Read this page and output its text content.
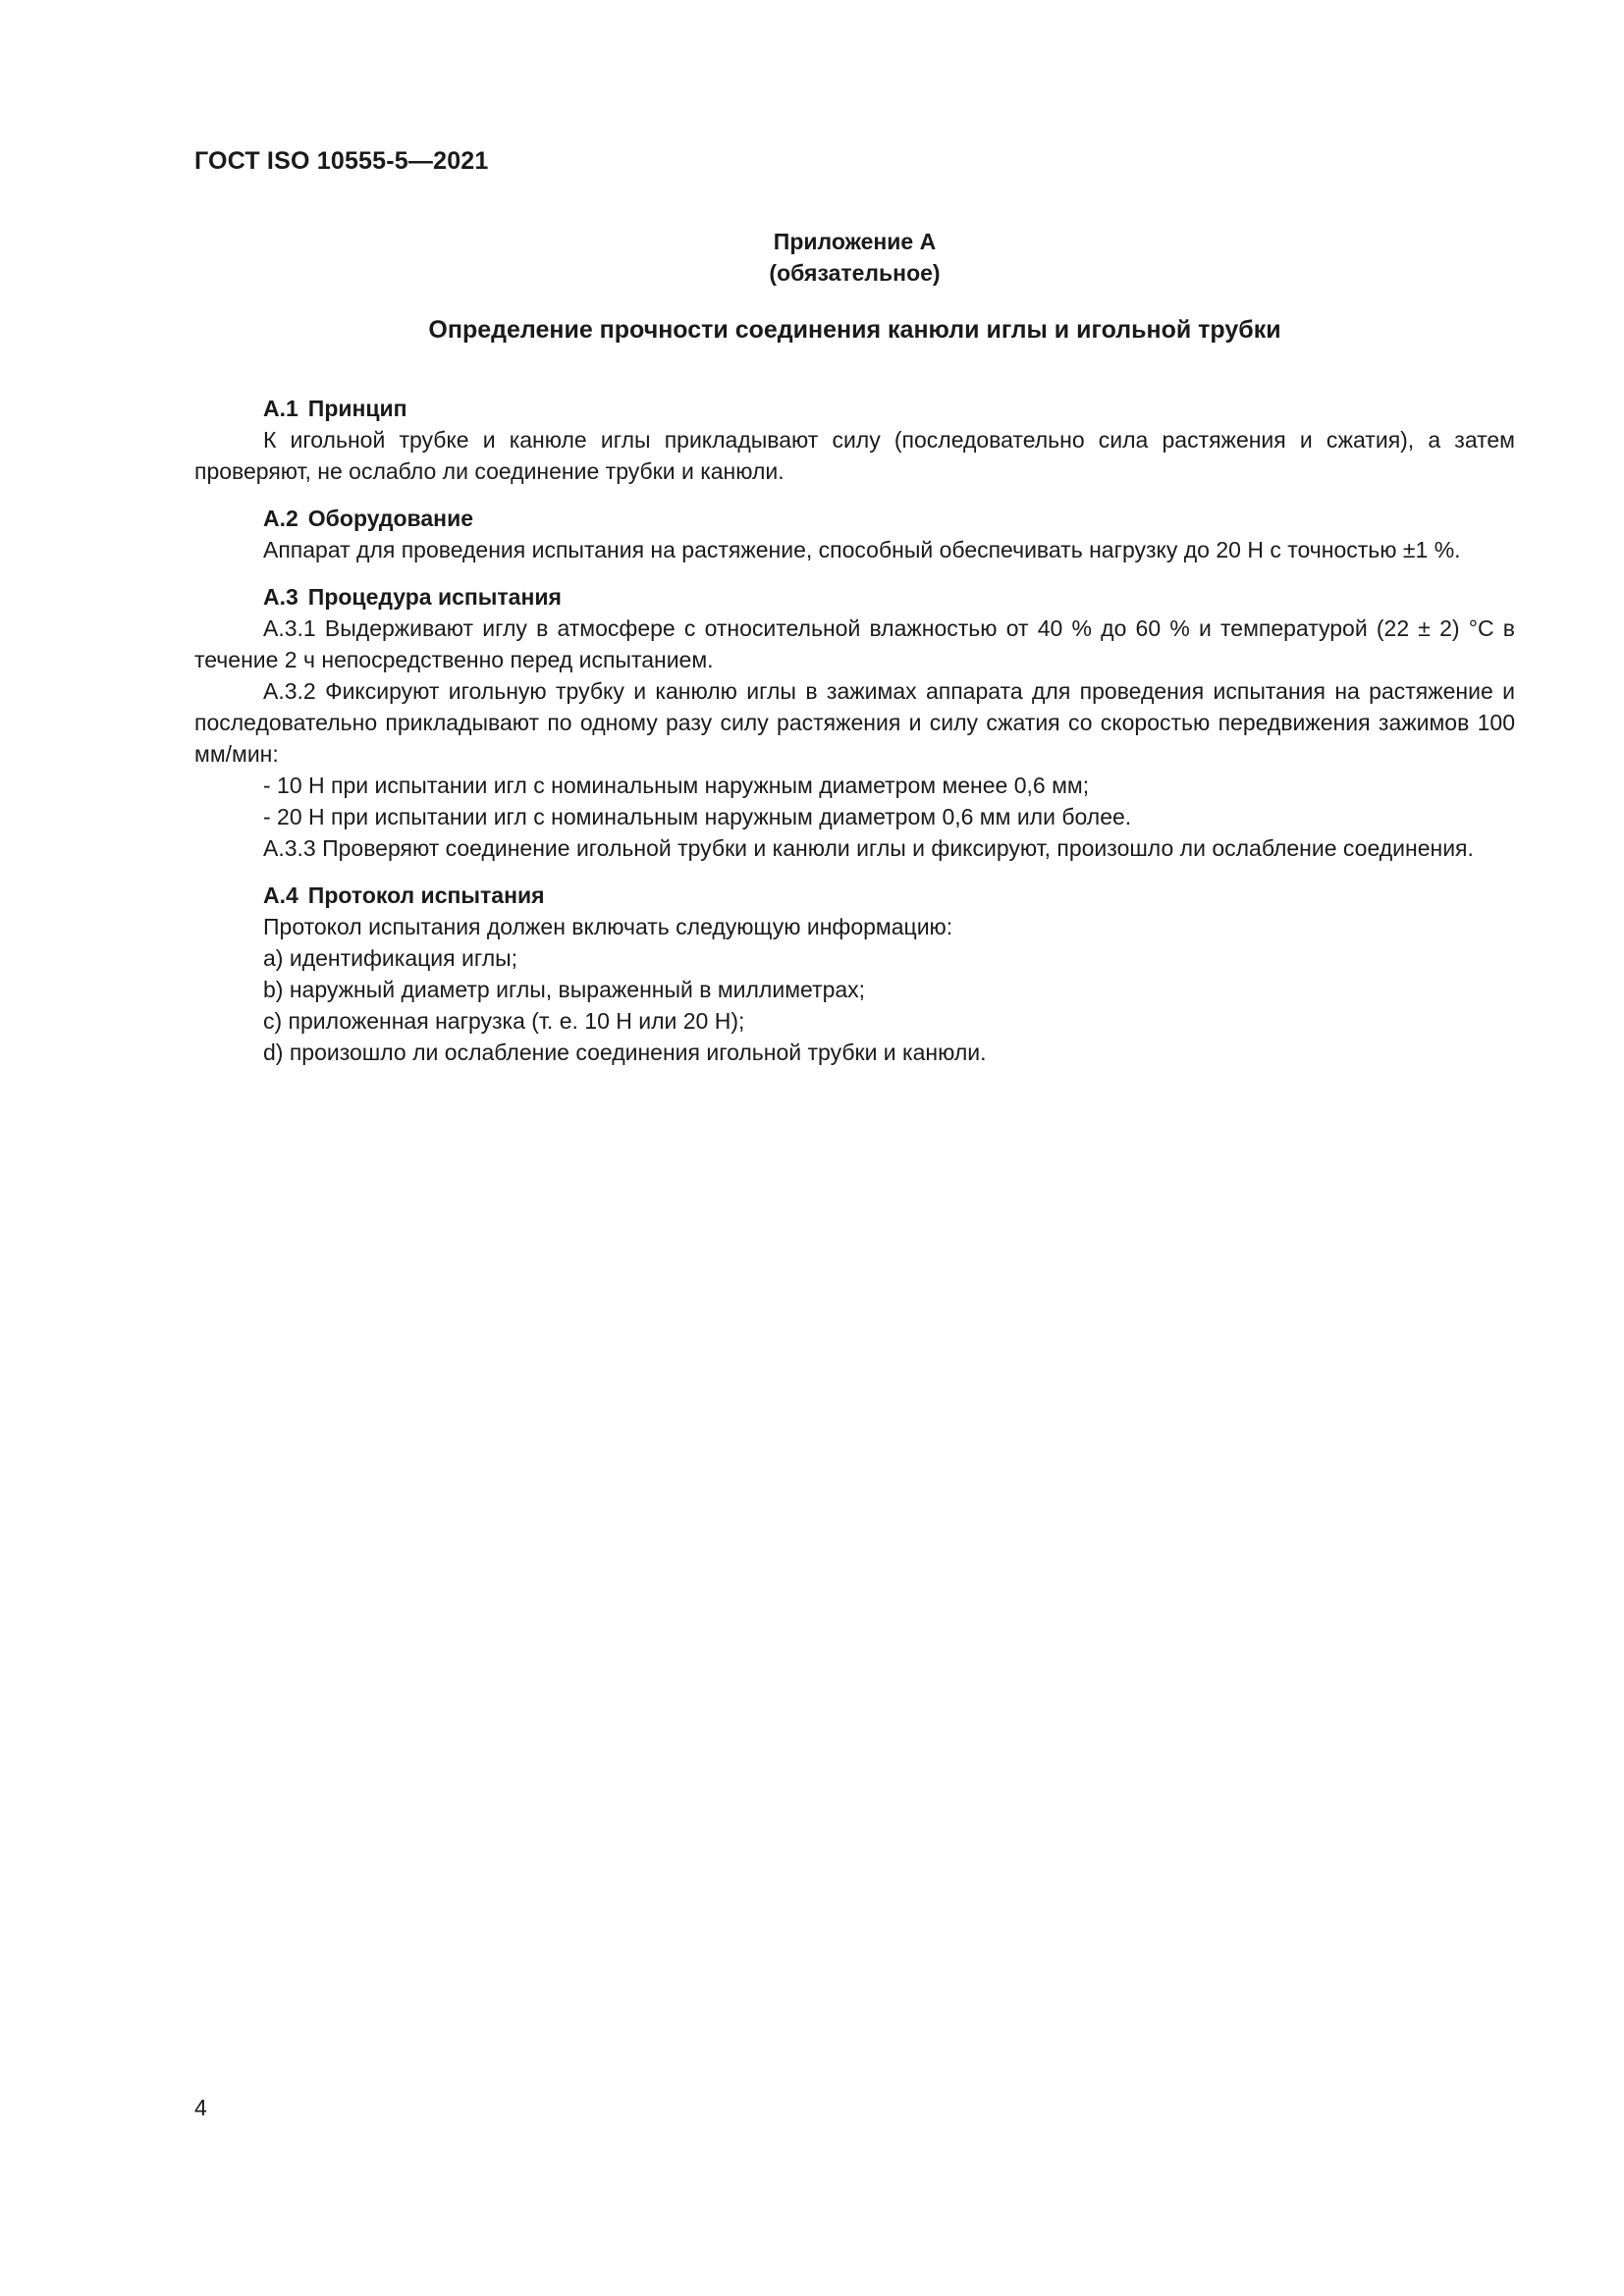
ГОСТ ISO 10555-5—2021
Приложение А
(обязательное)
Определение прочности соединения канюли иглы и игольной трубки

А.1 Принцип

К игольной трубке и канюле иглы прикладывают силу (последовательно сила растяжения и сжатия), а затем проверяют, не ослабло ли соединение трубки и канюли.

А.2 Оборудование

Аппарат для проведения испытания на растяжение, способный обеспечивать нагрузку до 20 Н с точностью ±1 %.

А.3 Процедура испытания

А.3.1 Выдерживают иглу в атмосфере с относительной влажностью от 40 % до 60 % и температурой (22 ± 2) °С в течение 2 ч непосредственно перед испытанием.

А.3.2 Фиксируют игольную трубку и канюлю иглы в зажимах аппарата для проведения испытания на растяжение и последовательно прикладывают по одному разу силу растяжения и силу сжатия со скоростью передвижения зажимов 100 мм/мин:

- 10 Н при испытании игл с номинальным наружным диаметром менее 0,6 мм;

- 20 Н при испытании игл с номинальным наружным диаметром 0,6 мм или более.

А.3.3 Проверяют соединение игольной трубки и канюли иглы и фиксируют, произошло ли ослабление соединения.

А.4 Протокол испытания

Протокол испытания должен включать следующую информацию:

a) идентификация иглы;

b) наружный диаметр иглы, выраженный в миллиметрах;

c) приложенная нагрузка (т. е. 10 Н или 20 Н);

d) произошло ли ослабление соединения игольной трубки и канюли.

4
